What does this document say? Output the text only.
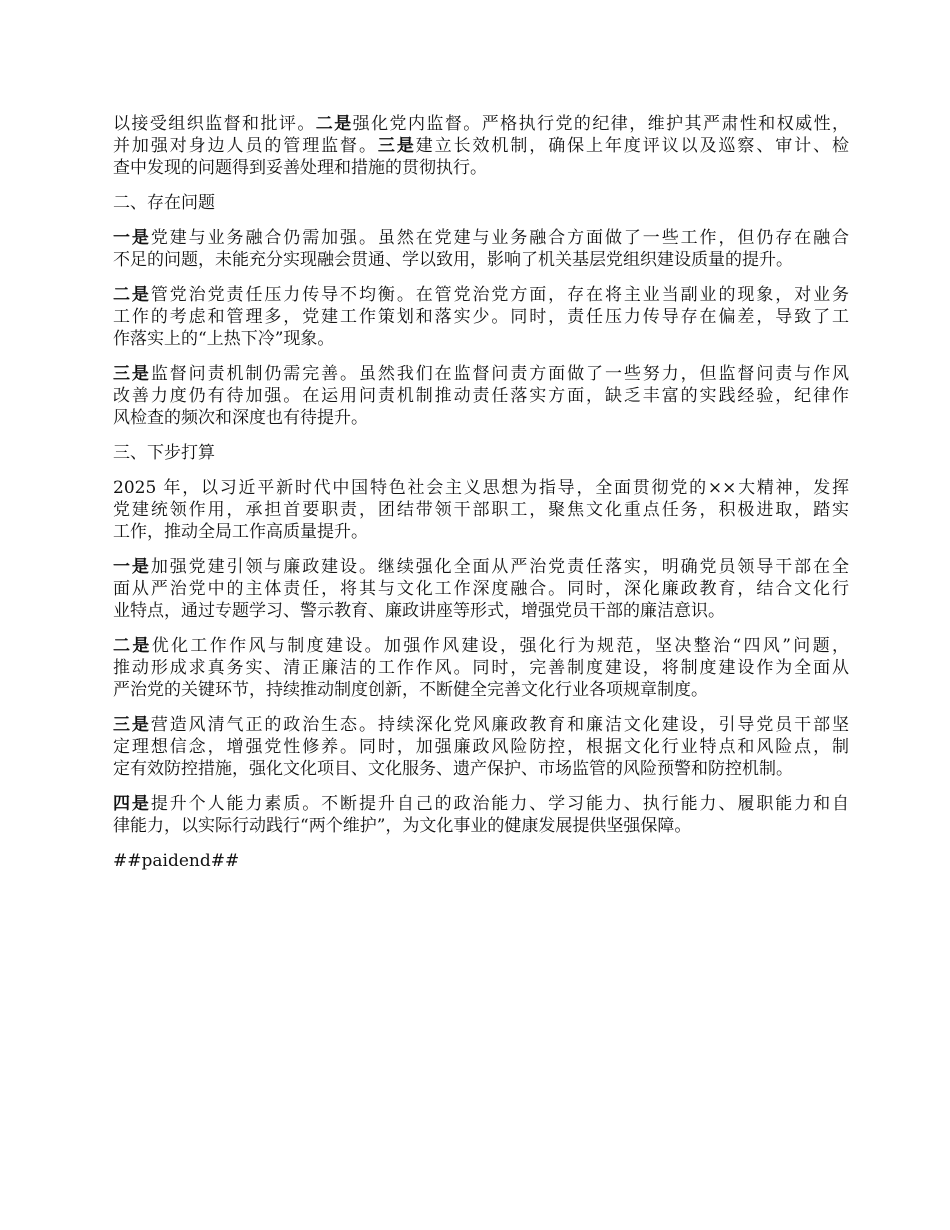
以接受组织监督和批评。二是强化党内监督。严格执行党的纪律，维护其严肃性和权威性，
并加强对身边人员的管理监督。三是建立长效机制，确保上年度评议以及巡察、审计、检
查中发现的问题得到妥善处理和措施的贯彻执行。
二、存在问题
一是党建与业务融合仍需加强。虽然在党建与业务融合方面做了一些工作，但仍存在融合
不足的问题，未能充分实现融会贯通、学以致用，影响了机关基层党组织建设质量的提升。
二是管党治党责任压力传导不均衡。在管党治党方面，存在将主业当副业的现象，对业务
工作的考虑和管理多，党建工作策划和落实少。同时，责任压力传导存在偏差，导致了工
作落实上的“上热下冷”现象。
三是监督问责机制仍需完善。虽然我们在监督问责方面做了一些努力，但监督问责与作风
改善力度仍有待加强。在运用问责机制推动责任落实方面，缺乏丰富的实践经验，纪律作
风检查的频次和深度也有待提升。
三、下步打算
2025 年，以习近平新时代中国特色社会主义思想为指导，全面贯彻党的××大精神，发挥
党建统领作用，承担首要职责，团结带领干部职工，聚焦文化重点任务，积极进取，踏实
工作，推动全局工作高质量提升。
一是加强党建引领与廉政建设。继续强化全面从严治党责任落实，明确党员领导干部在全
面从严治党中的主体责任，将其与文化工作深度融合。同时，深化廉政教育，结合文化行
业特点，通过专题学习、警示教育、廉政讲座等形式，增强党员干部的廉洁意识。
二是优化工作作风与制度建设。加强作风建设，强化行为规范，坚决整治“四风”问题，
推动形成求真务实、清正廉洁的工作作风。同时，完善制度建设，将制度建设作为全面从
严治党的关键环节，持续推动制度创新，不断健全完善文化行业各项规章制度。
三是营造风清气正的政治生态。持续深化党风廉政教育和廉洁文化建设，引导党员干部坚
定理想信念，增强党性修养。同时，加强廉政风险防控，根据文化行业特点和风险点，制
定有效防控措施，强化文化项目、文化服务、遗产保护、市场监管的风险预警和防控机制。
四是提升个人能力素质。不断提升自己的政治能力、学习能力、执行能力、履职能力和自
律能力，以实际行动践行“两个维护”，为文化事业的健康发展提供坚强保障。
##paidend##
